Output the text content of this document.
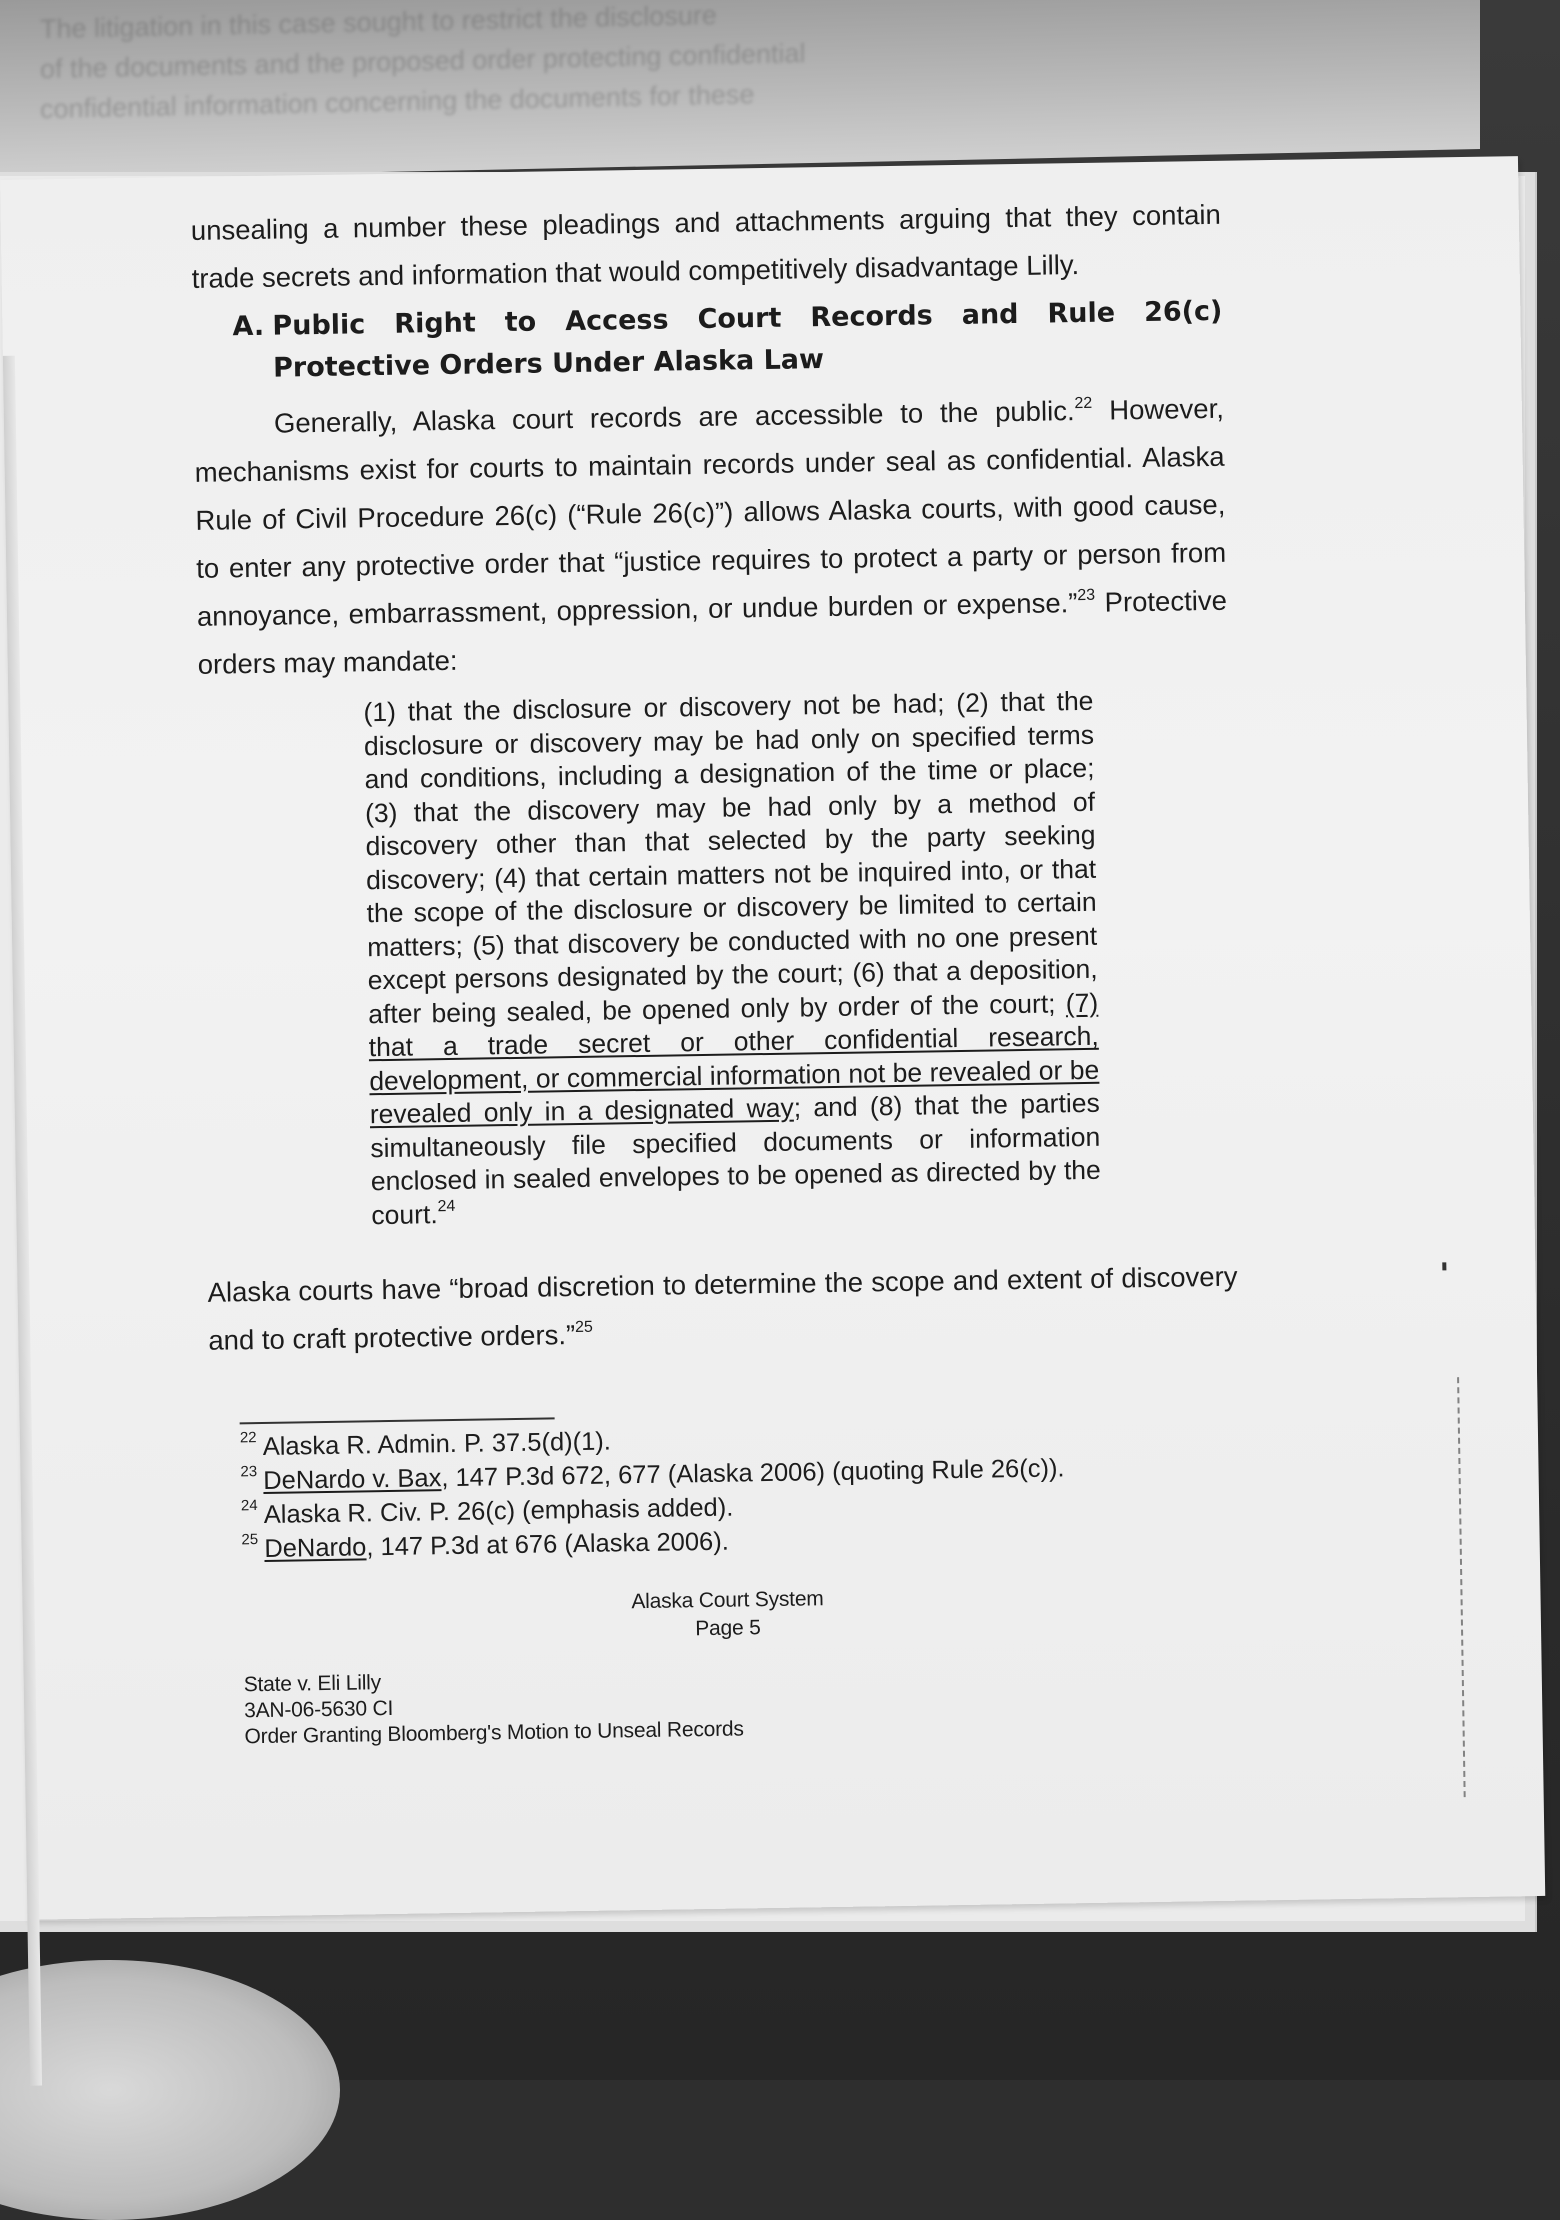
The litigation in this case sought to restrict the disclosure
of the documents and the proposed order protecting confidential
confidential information concerning the documents for these

unsealing a number these pleadings and attachments arguing that they contain trade secrets and information that would competitively disadvantage Lilly.

A. Public Right to Access Court Records and Rule 26(c) Protective Orders Under Alaska Law

Generally, Alaska court records are accessible to the public.$^{22}$ However, mechanisms exist for courts to maintain records under seal as confidential. Alaska Rule of Civil Procedure 26(c) (“Rule 26(c)”) allows Alaska courts, with good cause, to enter any protective order that “justice requires to protect a party or person from annoyance, embarrassment, oppression, or undue burden or expense.”$^{23}$ Protective orders may mandate:

(1) that the disclosure or discovery not be had; (2) that the disclosure or discovery may be had only on specified terms and conditions, including a designation of the time or place; (3) that the discovery may be had only by a method of discovery other than that selected by the party seeking discovery; (4) that certain matters not be inquired into, or that the scope of the disclosure or discovery be limited to certain matters; (5) that discovery be conducted with no one present except persons designated by the court; (6) that a deposition, after being sealed, be opened only by order of the court; (7) that a trade secret or other confidential research, development, or commercial information not be revealed or be revealed only in a designated way; and (8) that the parties simultaneously file specified documents or information enclosed in sealed envelopes to be opened as directed by the court.$^{24}$

Alaska courts have “broad discretion to determine the scope and extent of discovery and to craft protective orders.”$^{25}$

$^{22}$ Alaska R. Admin. P. 37.5(d)(1).
$^{23}$ DeNardo v. Bax, 147 P.3d 672, 677 (Alaska 2006) (quoting Rule 26(c)).
$^{24}$ Alaska R. Civ. P. 26(c) (emphasis added).
$^{25}$ DeNardo, 147 P.3d at 676 (Alaska 2006).
Alaska Court System
Page 5
State v. Eli Lilly
3AN-06-5630 CI
Order Granting Bloomberg's Motion to Unseal Records
